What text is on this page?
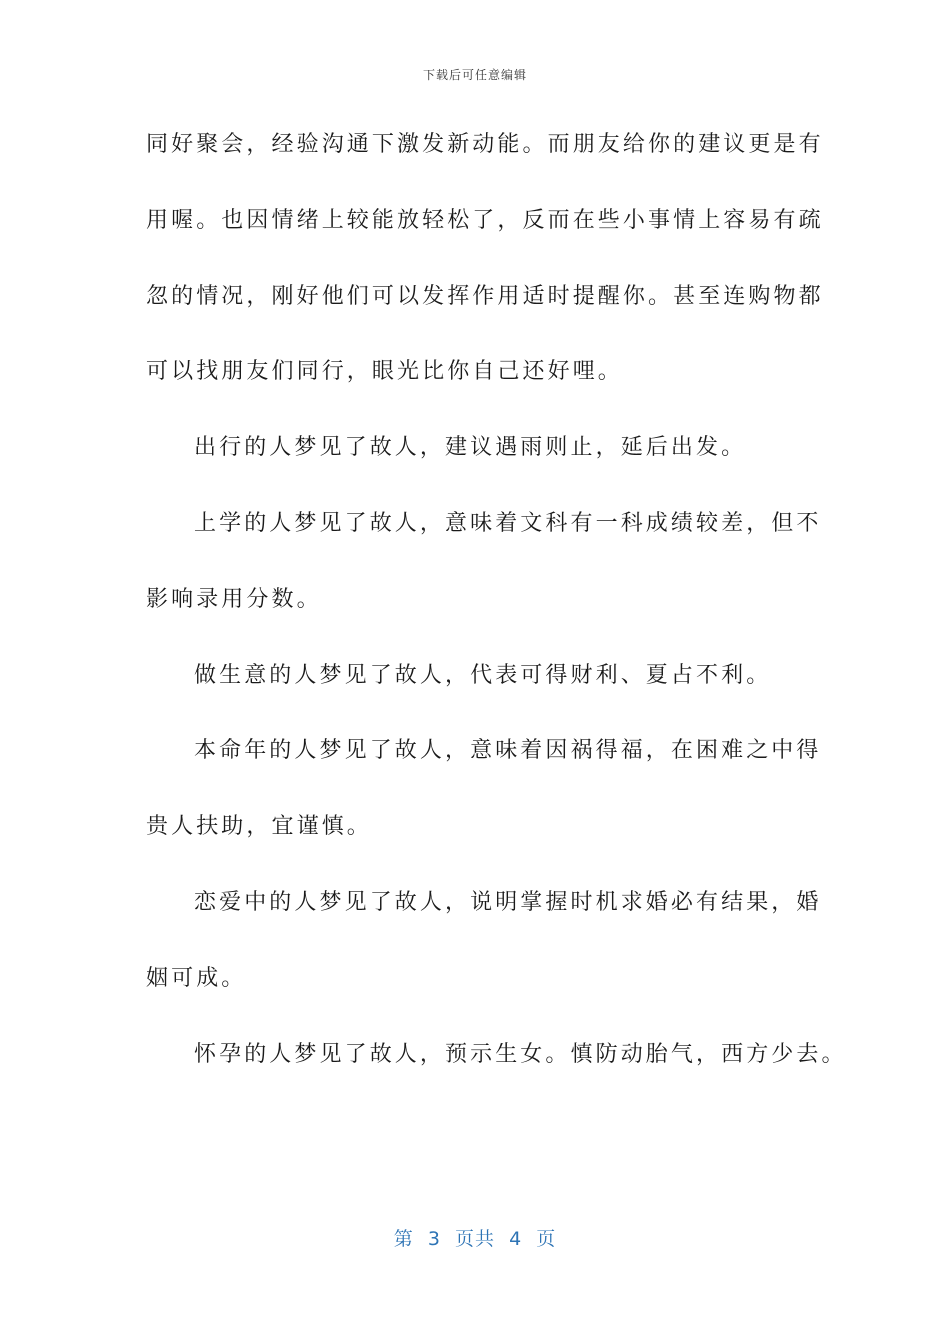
下载后可任意编辑
同好聚会，经验沟通下激发新动能。而朋友给你的建议更是有
用喔。也因情绪上较能放轻松了，反而在些小事情上容易有疏
忽的情况，刚好他们可以发挥作用适时提醒你。甚至连购物都
可以找朋友们同行，眼光比你自己还好哩。
出行的人梦见了故人，建议遇雨则止，延后出发。
上学的人梦见了故人，意味着文科有一科成绩较差，但不
影响录用分数。
做生意的人梦见了故人，代表可得财利、夏占不利。
本命年的人梦见了故人，意味着因祸得福，在困难之中得
贵人扶助，宜谨慎。
恋爱中的人梦见了故人，说明掌握时机求婚必有结果，婚
姻可成。
怀孕的人梦见了故人，预示生女。慎防动胎气，西方少去。
第  3  页共  4  页
